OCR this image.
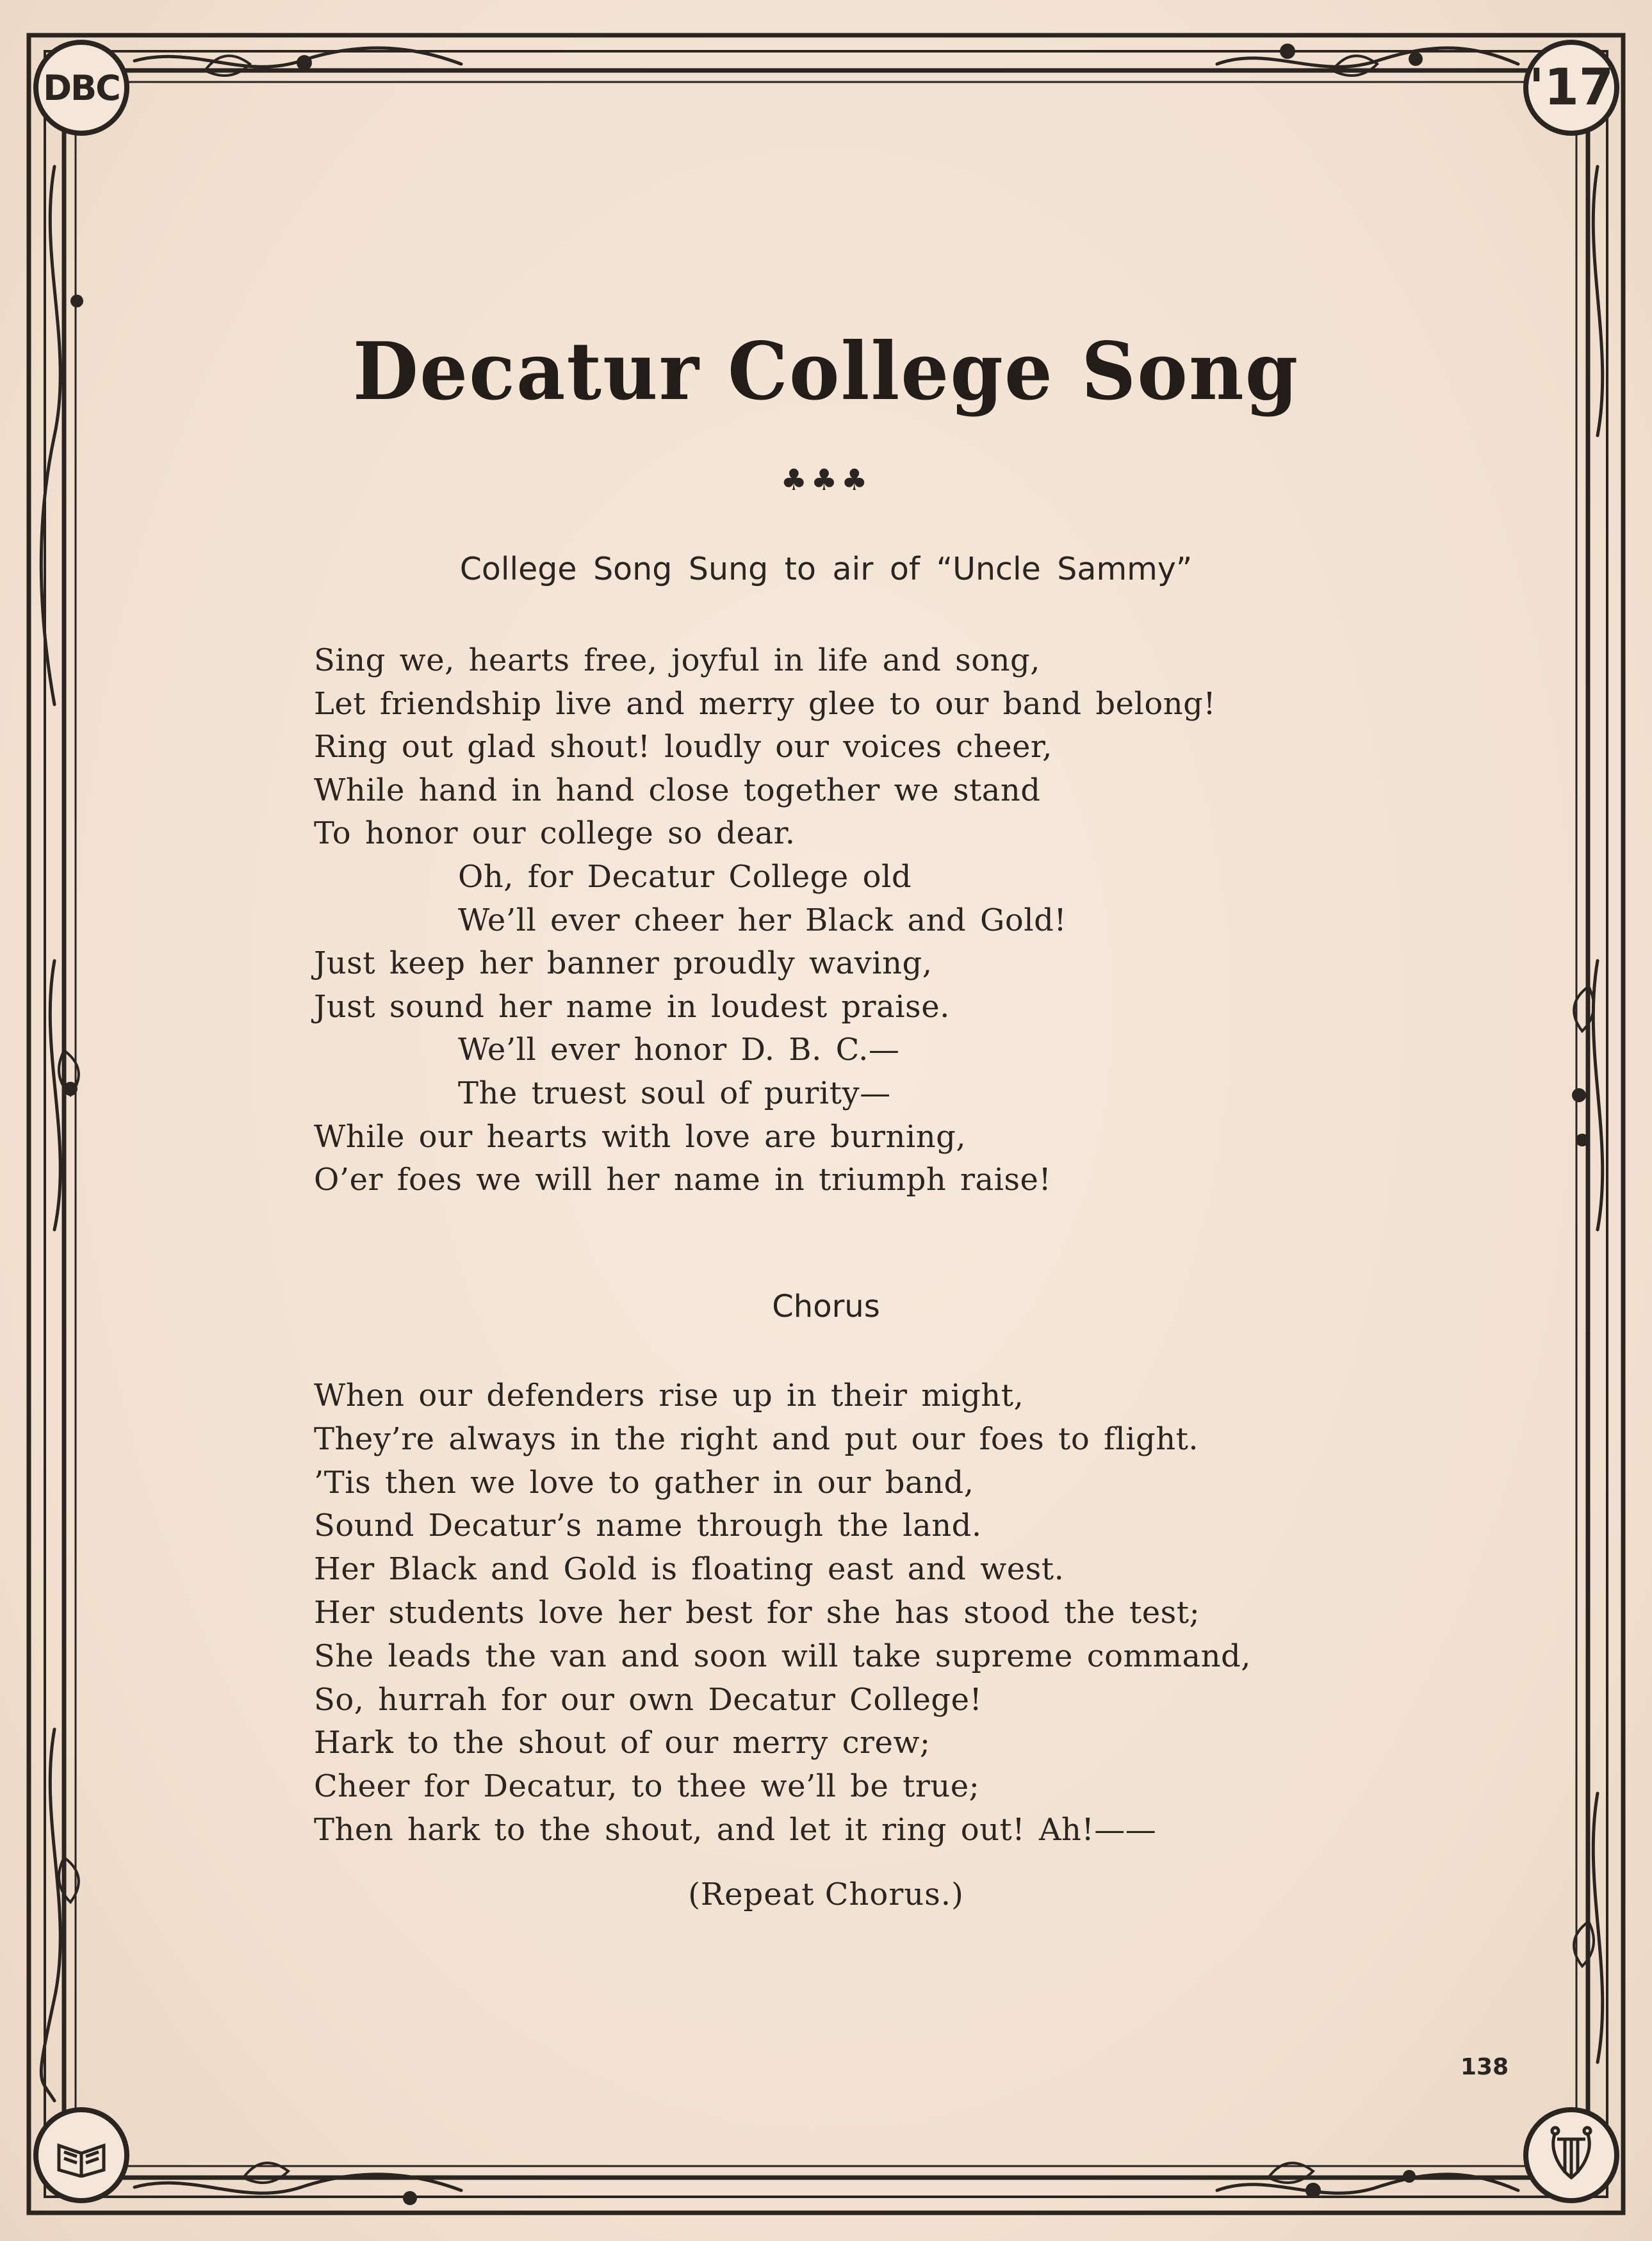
DBC	'17
Decatur College Song
♣♣♣
College Song Sung to air of “Uncle Sammy”
Sing we, hearts free, joyful in life and song,
Let friendship live and merry glee to our band belong!
Ring out glad shout! loudly our voices cheer,
While hand in hand close together we stand
To honor our college so dear.
Oh, for Decatur College old
We’ll ever cheer her Black and Gold!
Just keep her banner proudly waving,
Just sound her name in loudest praise.
We’ll ever honor D. B. C.—
The truest soul of purity—
While our hearts with love are burning,
O’er foes we will her name in triumph raise!
Chorus
When our defenders rise up in their might,
They’re always in the right and put our foes to flight.
’Tis then we love to gather in our band,
Sound Decatur’s name through the land.
Her Black and Gold is floating east and west.
Her students love her best for she has stood the test;
She leads the van and soon will take supreme command,
So, hurrah for our own Decatur College!
Hark to the shout of our merry crew;
Cheer for Decatur, to thee we’ll be true;
Then hark to the shout, and let it ring out! Ah!——
(Repeat Chorus.)
138
